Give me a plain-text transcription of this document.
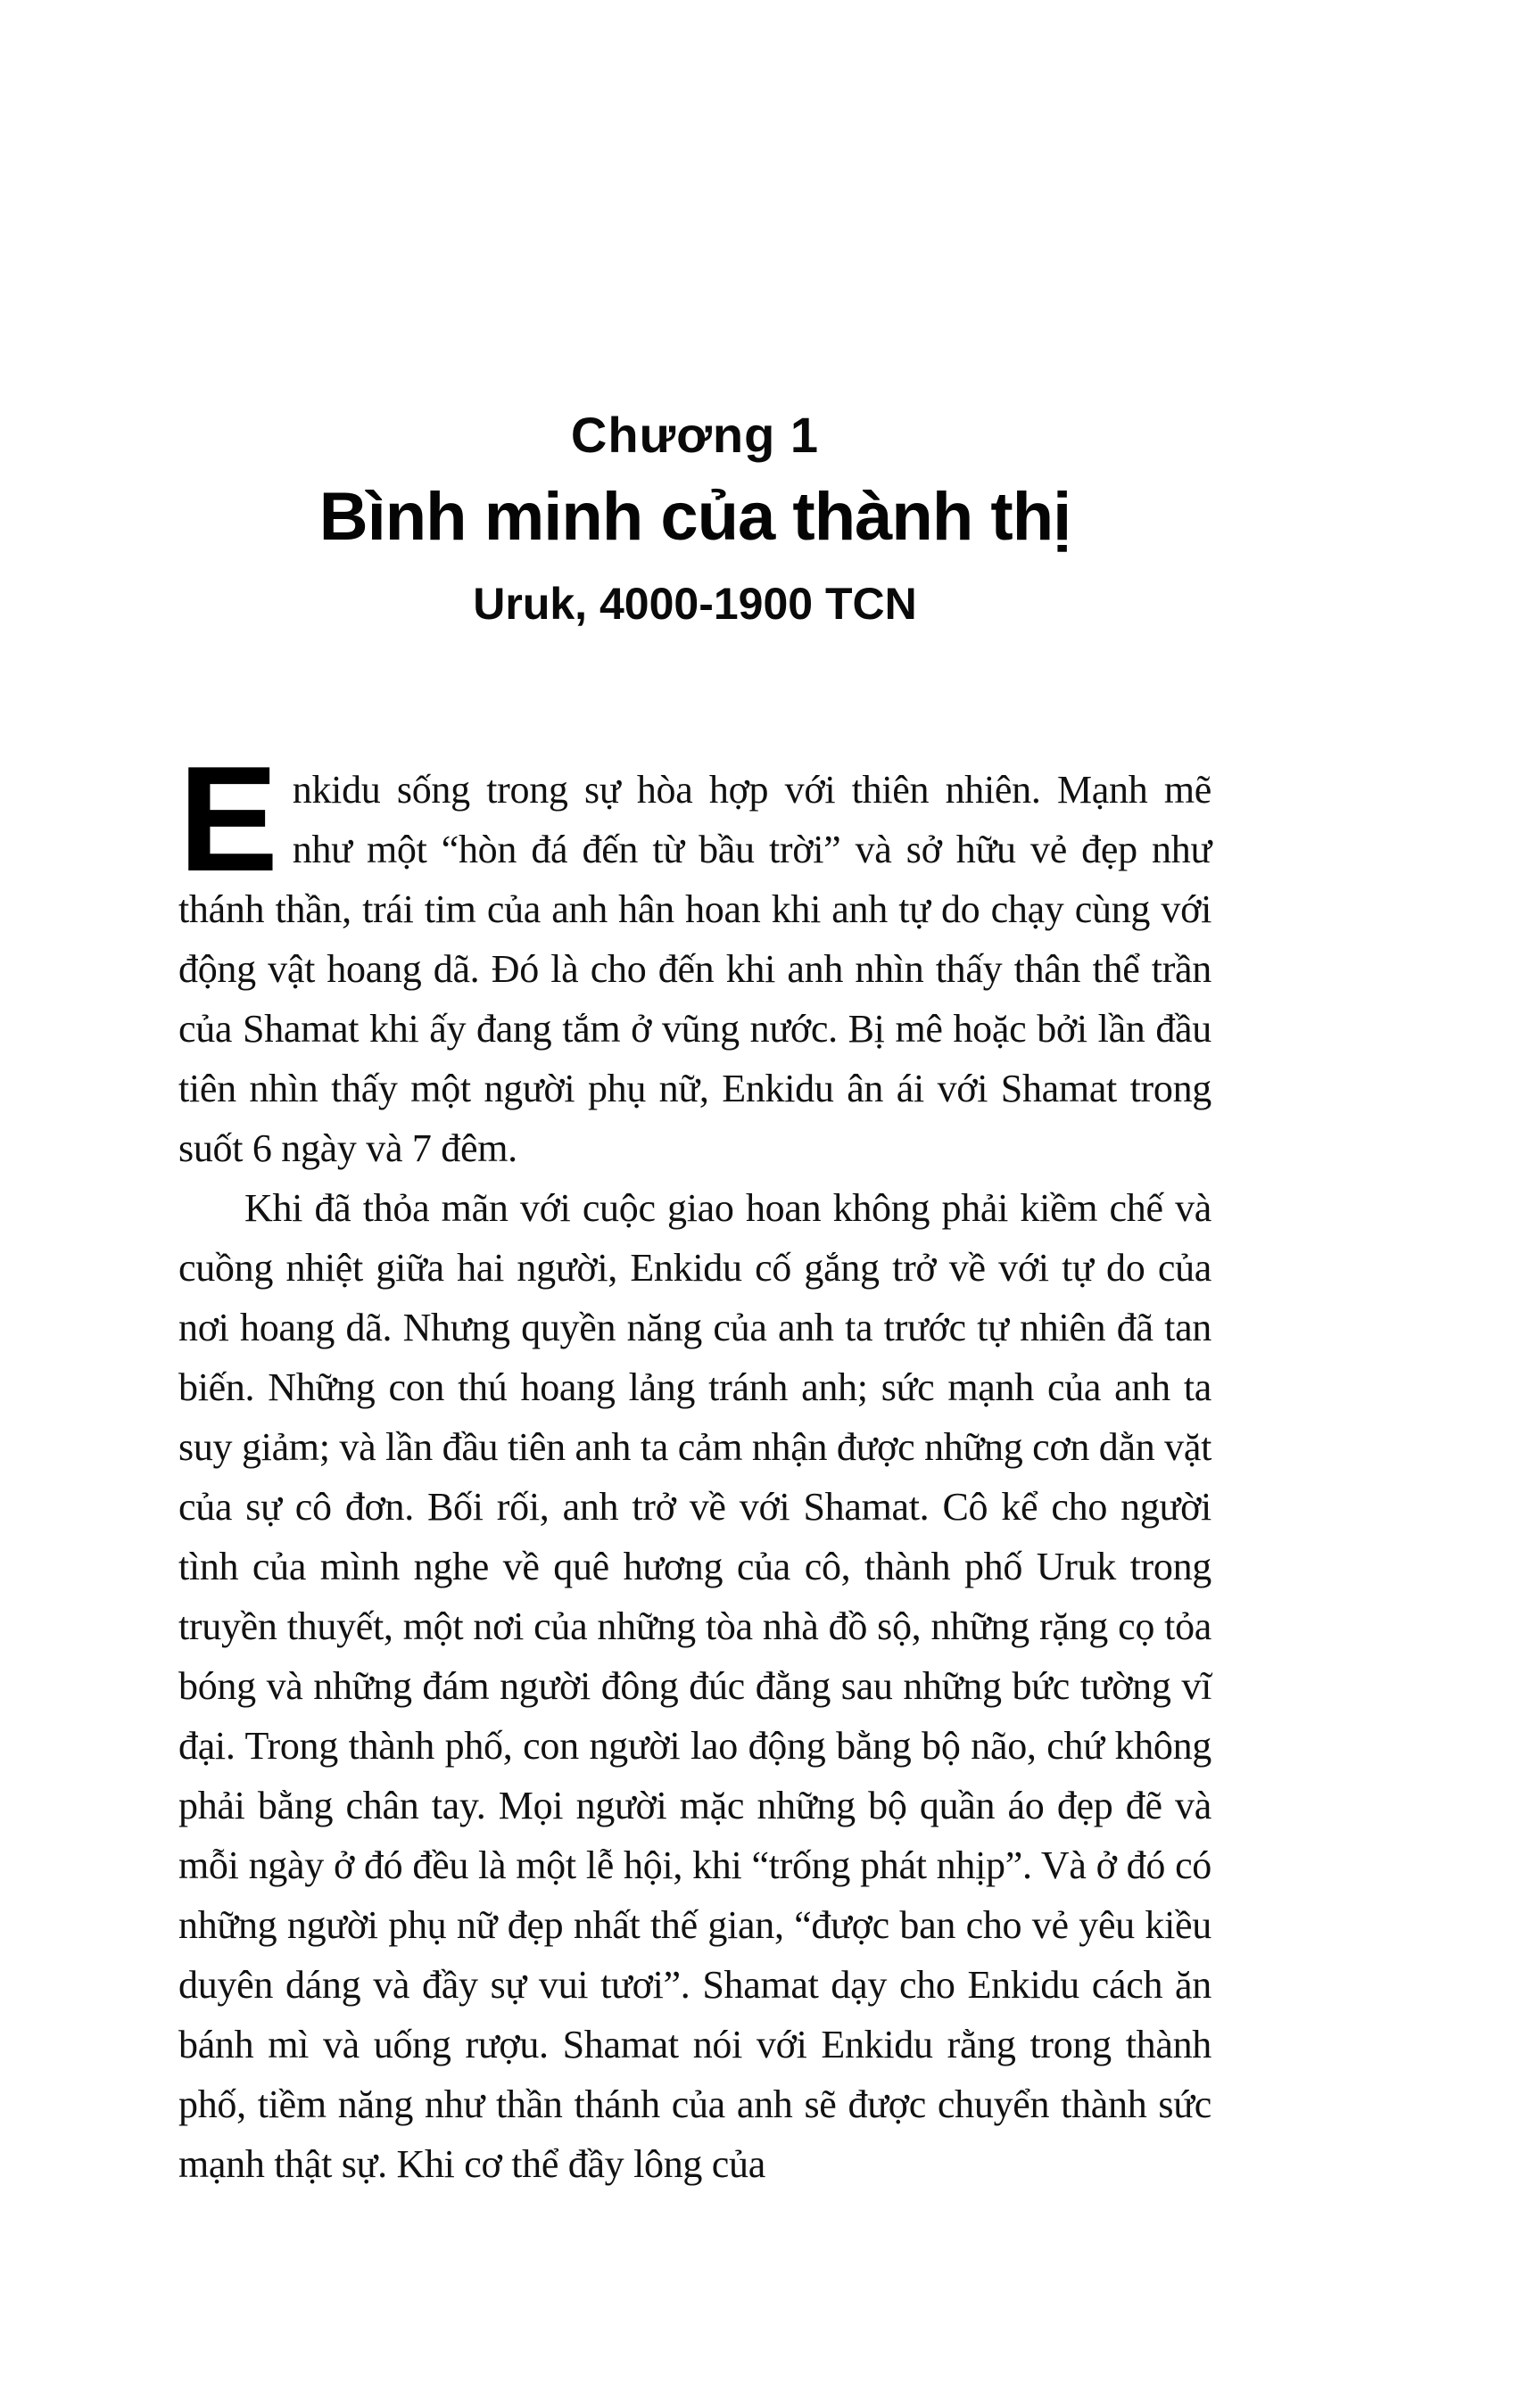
Chương 1
Bình minh của thành thị
Uruk, 4000-1900 TCN

Enkidu sống trong sự hòa hợp với thiên nhiên. Mạnh mẽ như một “hòn đá đến từ bầu trời” và sở hữu vẻ đẹp như thánh thần, trái tim của anh hân hoan khi anh tự do chạy cùng với động vật hoang dã. Đó là cho đến khi anh nhìn thấy thân thể trần của Shamat khi ấy đang tắm ở vũng nước. Bị mê hoặc bởi lần đầu tiên nhìn thấy một người phụ nữ, Enkidu ân ái với Shamat trong suốt 6 ngày và 7 đêm.

Khi đã thỏa mãn với cuộc giao hoan không phải kiềm chế và cuồng nhiệt giữa hai người, Enkidu cố gắng trở về với tự do của nơi hoang dã. Nhưng quyền năng của anh ta trước tự nhiên đã tan biến. Những con thú hoang lảng tránh anh; sức mạnh của anh ta suy giảm; và lần đầu tiên anh ta cảm nhận được những cơn dằn vặt của sự cô đơn. Bối rối, anh trở về với Shamat. Cô kể cho người tình của mình nghe về quê hương của cô, thành phố Uruk trong truyền thuyết, một nơi của những tòa nhà đồ sộ, những rặng cọ tỏa bóng và những đám người đông đúc đằng sau những bức tường vĩ đại. Trong thành phố, con người lao động bằng bộ não, chứ không phải bằng chân tay. Mọi người mặc những bộ quần áo đẹp đẽ và mỗi ngày ở đó đều là một lễ hội, khi “trống phát nhịp”. Và ở đó có những người phụ nữ đẹp nhất thế gian, “được ban cho vẻ yêu kiều duyên dáng và đầy sự vui tươi”. Shamat dạy cho Enkidu cách ăn bánh mì và uống rượu. Shamat nói với Enkidu rằng trong thành phố, tiềm năng như thần thánh của anh sẽ được chuyển thành sức mạnh thật sự. Khi cơ thể đầy lông của
